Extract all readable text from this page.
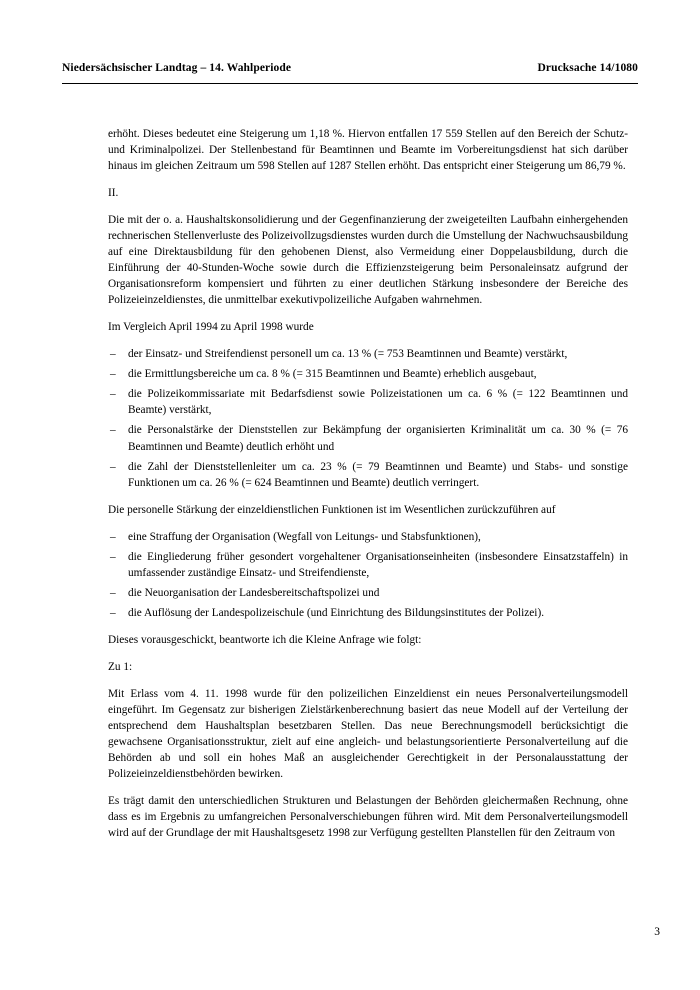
Niedersächsischer Landtag – 14. Wahlperiode	Drucksache 14/1080

erhöht. Dieses bedeutet eine Steigerung um 1,18 %. Hiervon entfallen 17 559 Stellen auf den Bereich der Schutz- und Kriminalpolizei. Der Stellenbestand für Beamtinnen und Beamte im Vorbereitungsdienst hat sich darüber hinaus im gleichen Zeitraum um 598 Stellen auf 1287 Stellen erhöht. Das entspricht einer Steigerung um 86,79 %.

II.

Die mit der o. a. Haushaltskonsolidierung und der Gegenfinanzierung der zweigeteilten Laufbahn einhergehenden rechnerischen Stellenverluste des Polizeivollzugsdienstes wurden durch die Umstellung der Nachwuchsausbildung auf eine Direktausbildung für den gehobenen Dienst, also Vermeidung einer Doppelausbildung, durch die Einführung der 40-Stunden-Woche sowie durch die Effizienzsteigerung beim Personaleinsatz aufgrund der Organisationsreform kompensiert und führten zu einer deutlichen Stärkung insbesondere der Bereiche des Polizeieinzeldienstes, die unmittelbar exekutivpolizeiliche Aufgaben wahrnehmen.

Im Vergleich April 1994 zu April 1998 wurde

– der Einsatz- und Streifendienst personell um ca. 13 % (= 753 Beamtinnen und Beamte) verstärkt,
– die Ermittlungsbereiche um ca. 8 % (= 315 Beamtinnen und Beamte) erheblich ausgebaut,
– die Polizeikommissariate mit Bedarfsdienst sowie Polizeistationen um ca. 6 % (= 122 Beamtinnen und Beamte) verstärkt,
– die Personalstärke der Dienststellen zur Bekämpfung der organisierten Kriminalität um ca. 30 % (= 76 Beamtinnen und Beamte) deutlich erhöht und
– die Zahl der Dienststellenleiter um ca. 23 % (= 79 Beamtinnen und Beamte) und Stabs- und sonstige Funktionen um ca. 26 % (= 624 Beamtinnen und Beamte) deutlich verringert.

Die personelle Stärkung der einzeldienstlichen Funktionen ist im Wesentlichen zurückzuführen auf

– eine Straffung der Organisation (Wegfall von Leitungs- und Stabsfunktionen),
– die Eingliederung früher gesondert vorgehaltener Organisationseinheiten (insbesondere Einsatzstaffeln) in umfassender zuständige Einsatz- und Streifendienste,
– die Neuorganisation der Landesbereitschaftspolizei und
– die Auflösung der Landespolizeischule (und Einrichtung des Bildungsinstitutes der Polizei).

Dieses vorausgeschickt, beantworte ich die Kleine Anfrage wie folgt:

Zu 1:

Mit Erlass vom 4. 11. 1998 wurde für den polizeilichen Einzeldienst ein neues Personalverteilungsmodell eingeführt. Im Gegensatz zur bisherigen Zielstärkenberechnung basiert das neue Modell auf der Verteilung der entsprechend dem Haushaltsplan besetzbaren Stellen. Das neue Berechnungsmodell berücksichtigt die gewachsene Organisationsstruktur, zielt auf eine angleich- und belastungsorientierte Personalverteilung auf die Behörden ab und soll ein hohes Maß an ausgleichender Gerechtigkeit in der Personalausstattung der Polizeieinzeldienstbehörden bewirken.

Es trägt damit den unterschiedlichen Strukturen und Belastungen der Behörden gleichermaßen Rechnung, ohne dass es im Ergebnis zu umfangreichen Personalverschiebungen führen wird. Mit dem Personalverteilungsmodell wird auf der Grundlage der mit Haushaltsgesetz 1998 zur Verfügung gestellten Planstellen für den Zeitraum von

3
